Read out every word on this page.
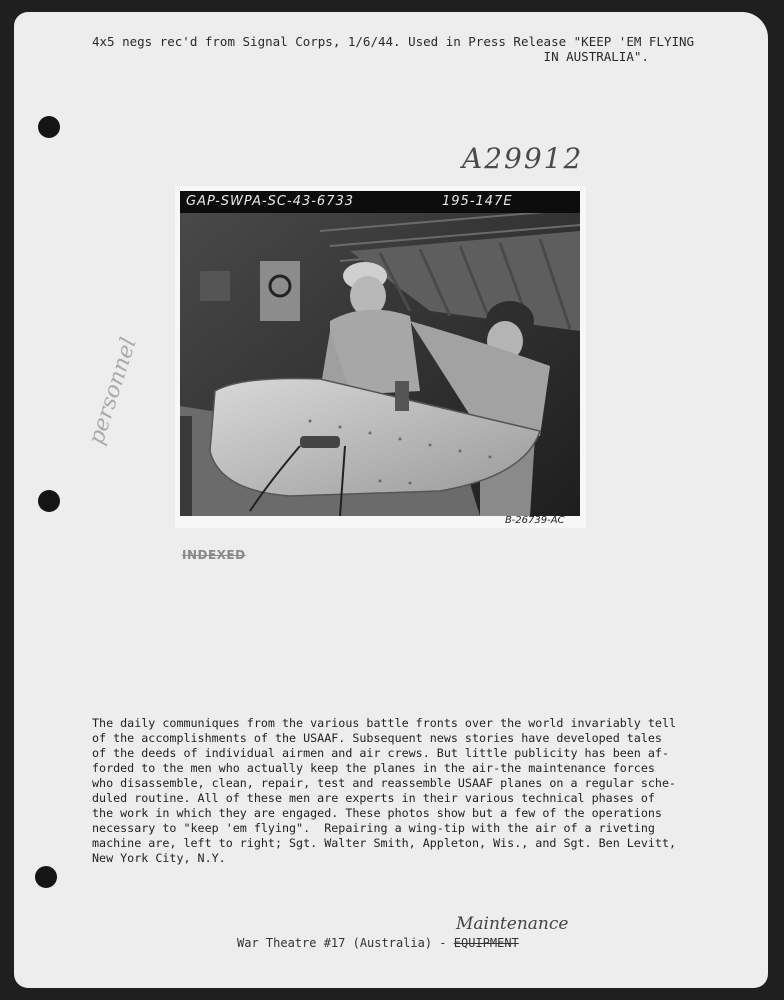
4x5 negs rec'd from Signal Corps, 1/6/44. Used in Press Release "KEEP 'EM FLYING
IN AUSTRALIA".
A29912
personnel
GAP-SWPA-SC-43-6733	195-147E
B-26739-AC
INDEXED
The daily communiques from the various battle fronts over the world invariably tell
of the accomplishments of the USAAF. Subsequent news stories have developed tales
of the deeds of individual airmen and air crews. But little publicity has been af-
forded to the men who actually keep the planes in the air-the maintenance forces
who disassemble, clean, repair, test and reassemble USAAF planes on a regular sche-
duled routine. All of these men are experts in their various technical phases of
the work in which they are engaged. These photos show but a few of the operations
necessary to "keep 'em flying".  Repairing a wing-tip with the air of a riveting
machine are, left to right; Sgt. Walter Smith, Appleton, Wis., and Sgt. Ben Levitt,
New York City, N.Y.
Maintenance
War Theatre #17 (Australia) - EQUIPMENT
